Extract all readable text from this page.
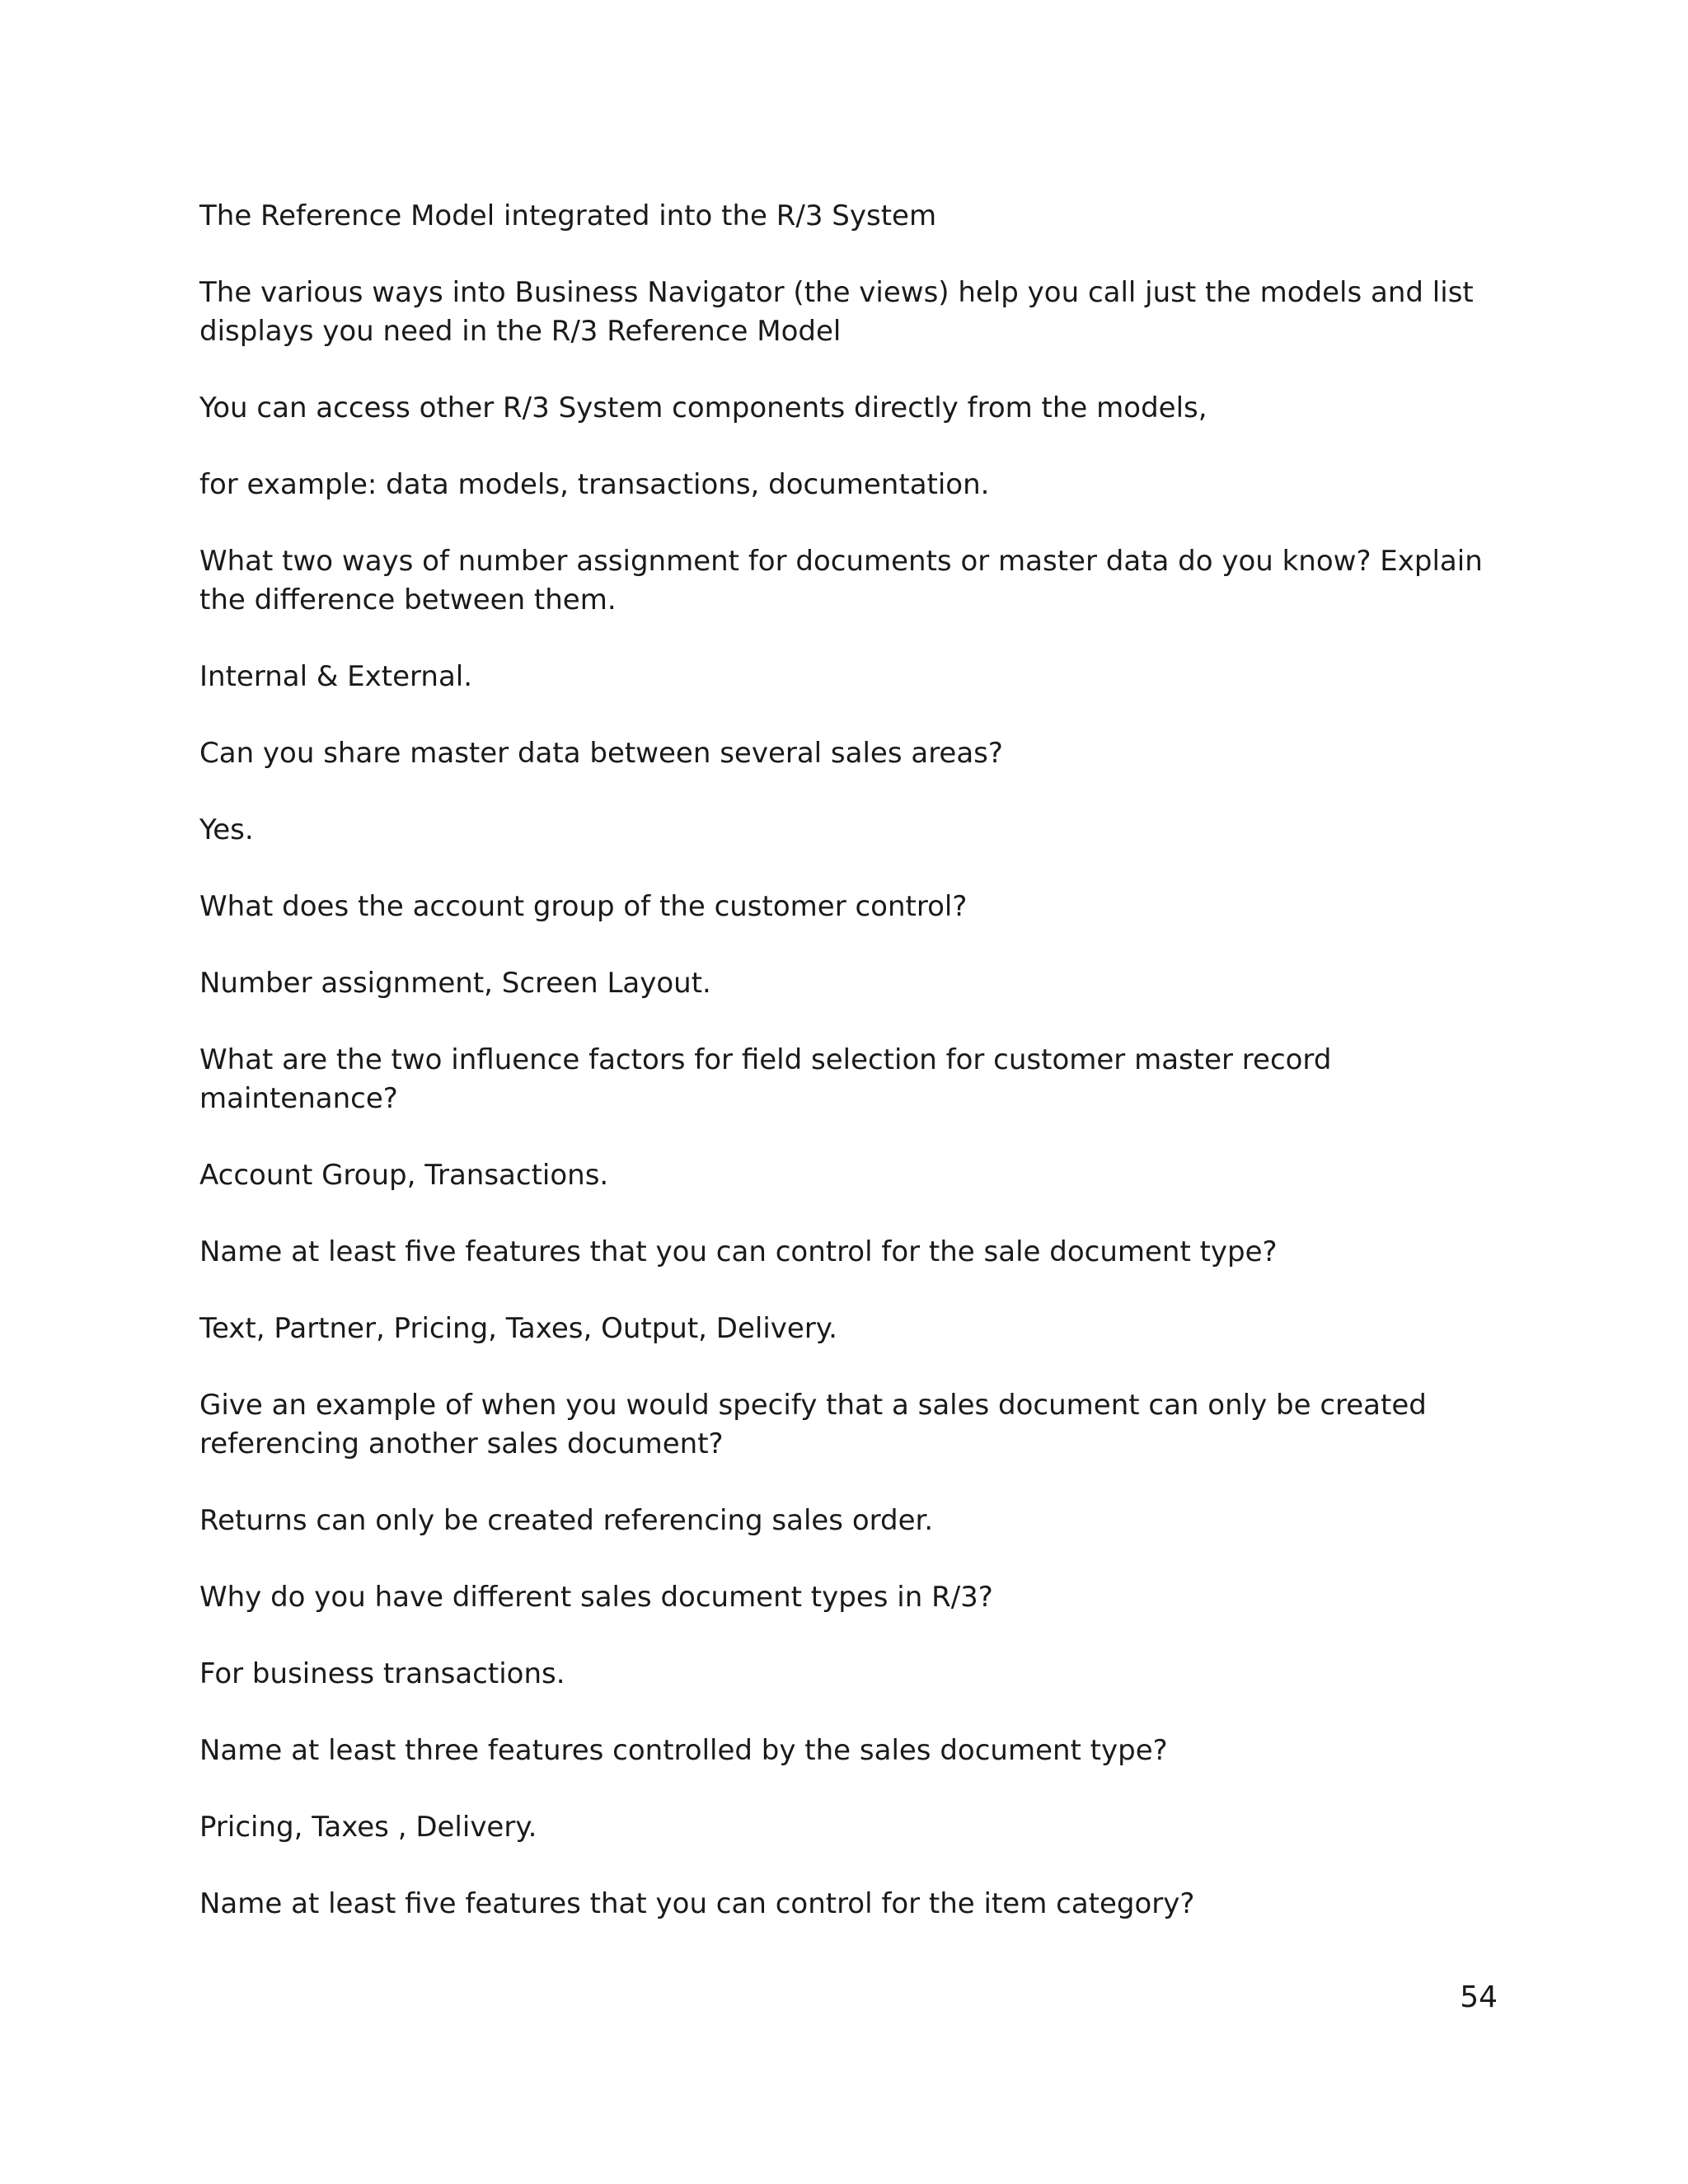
The Reference Model integrated into the R/3 System

The various ways into Business Navigator (the views) help you call just the models and list displays you need in the R/3 Reference Model

You can access other R/3 System components directly from the models,

for example: data models, transactions, documentation.

What two ways of number assignment for documents or master data do you know? Explain the difference between them.

Internal & External.

Can you share master data between several sales areas?

Yes.

What does the account group of the customer control?

Number assignment, Screen Layout.

What are the two influence factors for field selection for customer master record maintenance?

Account Group, Transactions.

Name at least five features that you can control for the sale document type?

Text, Partner, Pricing, Taxes, Output, Delivery.

Give an example of when you would specify that a sales document can only be created referencing another sales document?

Returns can only be created referencing sales order.

Why do you have different sales document types in R/3?

For business transactions.

Name at least three features controlled by the sales document type?

Pricing, Taxes , Delivery.

Name at least five features that you can control for the item category?

54
